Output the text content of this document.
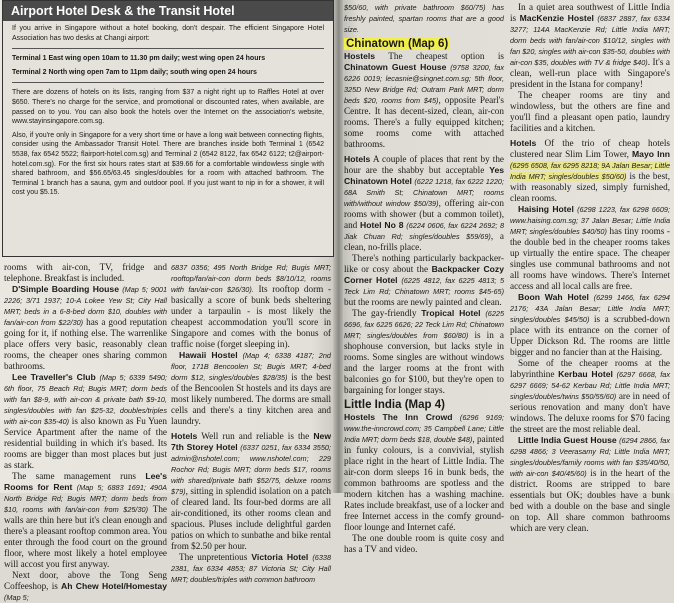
Airport Hotel Desk & the Transit Hotel

If you arrive in Singapore without a hotel booking, don't despair. The efficient Singapore Hotel Association has two desks at Changi airport:

Terminal 1 East wing open 10am to 11.30 pm daily; west wing open 24 hours

Terminal 2 North wing open 7am to 11pm daily; south wing open 24 hours

There are dozens of hotels on its lists, ranging from $37 a night right up to Raffles Hotel at over $650. There's no charge for the service, and promotional or discounted rates, when available, are passed on to you. You can also book the hotels over the Internet on the association's website, www.stayinsingapore.com.sg.

Also, if you're only in Singapore for a very short time or have a long wait between connecting flights, consider using the Ambassador Transit Hotel. There are branches inside both Terminal 1 (6542 5538, fax 6542 5522; flairport-hotel.com.sg) and Terminal 2 (6542 8122, fax 6542 6122; t2@airport-hotel.com.sg). For the first six hours rates start at $39.66 for a comfortable windowless single with shared bathroom, and $56.65/63.45 singles/doubles for a room with attached bathroom. The Terminal 1 branch has a sauna, gym and outdoor pool. If you just want to nip in for a shower, it will cost you $5.15.

rooms with air-con, TV, fridge and telephone. Breakfast is included.

D'Simple Boarding House (Map 5; 9001 2226; 3/71 1937; 10-A Lokee Yew St; City Hall MRT; beds in a 6-8-bed dorm $10, doubles with fan/air-con from $22/30) has a good reputation going for it, if nothing else. The warrenlike place offers very basic, reasonably clean rooms, the cheaper ones sharing common bathrooms.

Lee Traveller's Club (Map 5; 6339 5490; 6th floor, 75 Beach Rd; Bugis MRT; dorm beds with fan $8-9, with air-con & private bath $9-10, singles/doubles with fan $25-32, doubles/triples with air-con $35-40) is also known as Fu Yuen Service Apartment after the name of the residential building in which it's based. Its rooms are bigger than most places but just as stark.

The same management runs Lee's Rooms for Rent (Map 5; 6883 1691; 490A North Bridge Rd; Bugis MRT; dorm beds from $10, rooms with fan/air-con from $25/30) The walls are thin here but it's clean enough and there's a pleasant rooftop common area. You enter through the food court on the ground floor, where most likely a hotel employee will accost you first anyway.

Next door, above the Tong Seng Coffeeshop, is Ah Chew Hotel/Homestay (Map 5;

6837 0356; 495 North Bridge Rd; Bugis MRT; rooftop/fan/air-con dorm beds $8/10/12, rooms with fan/air-con $26/30). Its rooftop dorm - basically a score of bunk beds sheltering under a tarpaulin - is most likely the cheapest accommodation you'll score in Singapore and comes with the bonus of traffic noise (forget sleeping in).

Hawaii Hostel (Map 4; 6338 4187; 2nd floor, 171B Bencoolen St; Bugis MRT; 4-bed dorm $12, singles/doubles $28/35) is the best of the Bencoolen St hostels and its days are most likely numbered. The dorms are small cells and there's a tiny kitchen area and laundry.

Hotels Well run and reliable is the New 7th Storey Hotel (6337 0251, fax 6334 3550; admin@nshotel.com; www.nshotel.com; 229 Rochor Rd; Bugis MRT; dorm beds $17, rooms with shared/private bath $52/75, deluxe rooms $79), sitting in splendid isolation on a patch of cleared land. Its four-bed dorms are all air-conditioned, its other rooms clean and spacious. Pluses include delightful garden patios on which to sunbathe and bike rental from $2.50 per hour.

The unpretentious Victoria Hotel (6338 2381, fax 6334 4853; 87 Victoria St; City Hall MRT; doubles/triples with common bathroom

$50/60, with private bathroom $60/75) has freshly painted, spartan rooms that are a good size.

Chinatown (Map 6)

Hostels The cheapest option is Chinatown Guest House (9758 3200, fax 6226 0019; lecasnie@singnet.com.sg; 5th floor, 325D New Bridge Rd; Outram Park MRT; dorm beds $20, rooms from $45), opposite Pearl's Centre. It has decent-sized, clean, air-con rooms. There's a fully equipped kitchen; some rooms come with attached bathrooms.

Hotels A couple of places that rent by the hour are the shabby but acceptable Yes Chinatown Hotel (6222 1218, fax 6222 1220; 68A Smith St; Chinatown MRT; rooms with/without window $50/39), offering air-con rooms with shower (but a common toilet), and Hotel No 8 (6224 0606, fax 6224 2692; 8 Jiak Chuan Rd; singles/doubles $59/69), a clean, no-frills place.

There's nothing particularly backpacker-like or cosy about the Backpacker Cozy Corner Hotel (6225 4812, fax 6225 4813; 5 Teck Lim Rd; Chinatown MRT; rooms $45-65) but the rooms are newly painted and clean.

The gay-friendly Tropical Hotel (6225 6696, fax 6225 6626; 22 Teck Lim Rd; Chinatown MRT; singles/doubles from $60/80) is in a shophouse conversion, but lacks style in rooms. Some singles are without windows and the larger rooms at the front with balconies go for $100, but they're open to bargaining for longer stays.

Little India (Map 4)

Hostels The Inn Crowd (6296 9169; www.the-inncrowd.com; 35 Campbell Lane; Little India MRT; dorm beds $18, double $48), painted in funky colours, is a convivial, stylish place right in the heart of Little India. The air-con dorm sleeps 16 in bunk beds, the common bathrooms are spotless and the modern kitchen has a washing machine. Rates include breakfast, use of a locker and free Internet access in the comfy ground-floor lounge and Internet café.

The one double room is quite cosy and has a TV and video.

In a quiet area southwest of Little India is MacKenzie Hostel (6837 2887, fax 6334 3277; 114A MacKenzie Rd; Little India MRT; dorm beds with fan/air-con $10/12, singles with fan $20, singles with air-con $35-50, doubles with air-con $35, doubles with TV & fridge $40). It's a clean, well-run place with Singapore's president in the Istana for company!

The cheaper rooms are tiny and windowless, but the others are fine and you'll find a pleasant open patio, laundry facilities and a kitchen.

Hotels Of the trio of cheap hotels clustered near Slim Lim Tower, Mayo Inn (6295 6508, fax 6295 8218; 9A Jalan Besar; Little India MRT; singles/doubles $50/60) is the best, with reasonably sized, simply furnished, clean rooms.

Haising Hotel (6298 1223, fax 6298 6609; www.haising.com.sg; 37 Jalan Besar; Little India MRT; singles/doubles $40/50) has tiny rooms - the double bed in the cheaper rooms takes up virtually the entire space. The cheaper singles use communal bathrooms and not all rooms have windows. There's Internet access and all local calls are free.

Boon Wah Hotel (6299 1466, fax 6294 2176; 43A Jalan Besar; Little India MRT; singles/doubles $45/50) is a scrubbed-down place with its entrance on the corner of Upper Dickson Rd. The rooms are little bigger and no fancier than at the Haising.

Some of the cheaper rooms at the labyrinthine Kerbau Hotel (6297 6668, fax 6297 6669; 54-62 Kerbau Rd; Little India MRT; singles/doubles/twins $50/55/60) are in need of serious renovation and many don't have windows. The deluxe rooms for $70 facing the street are the most reliable deal.

Little India Guest House (6294 2866, fax 6298 4866; 3 Veerasamy Rd; Little India MRT; singles/doubles/family rooms with fan $35/40/50, with air-con $40/45/60) is in the heart of the district. Rooms are stripped to bare essentials but OK; doubles have a bunk bed with a double on the base and single on top. All share common bathrooms which are very clean.
